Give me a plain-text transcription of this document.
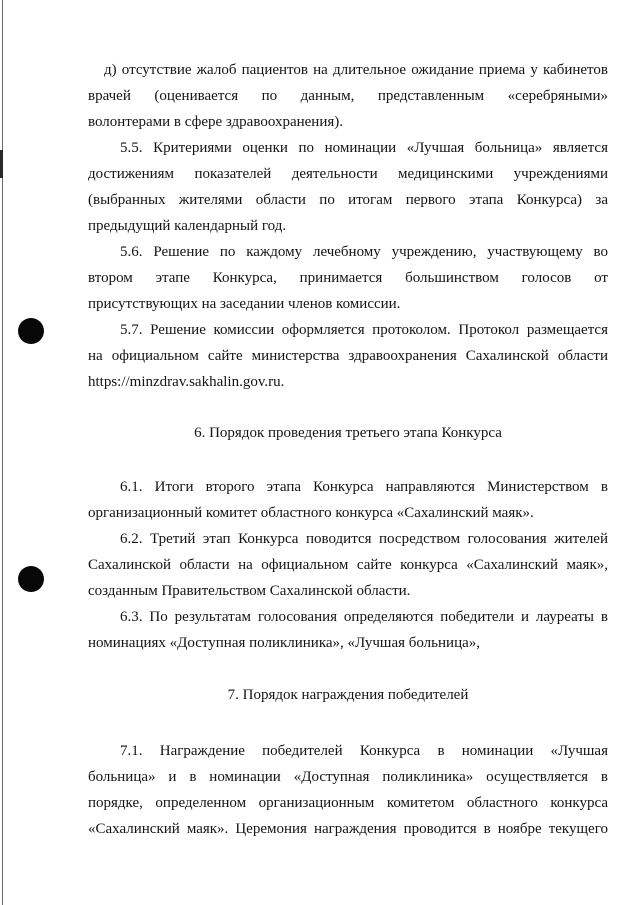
д) отсутствие жалоб пациентов на длительное ожидание приема у кабинетов
врачей (оценивается по данным, представленным «серебряными»
волонтерами в сфере здравоохранения).
5.5. Критериями оценки по номинации «Лучшая больница» является
достижениям показателей деятельности медицинскими учреждениями
(выбранных жителями области по итогам первого этапа Конкурса) за
предыдущий календарный год.
5.6. Решение по каждому лечебному учреждению, участвующему во
втором этапе Конкурса, принимается большинством голосов от
присутствующих на заседании членов комиссии.
5.7. Решение комиссии оформляется протоколом. Протокол размещается
на официальном сайте министерства здравоохранения Сахалинской области
https://minzdrav.sakhalin.gov.ru.
6. Порядок проведения третьего этапа Конкурса
6.1. Итоги второго этапа Конкурса направляются Министерством в
организационный комитет областного конкурса «Сахалинский маяк».
6.2. Третий этап Конкурса поводится посредством голосования жителей
Сахалинской области на официальном сайте конкурса «Сахалинский маяк»,
созданным Правительством Сахалинской области.
6.3. По результатам голосования определяются победители и лауреаты в
номинациях «Доступная поликлиника», «Лучшая больница»,
7. Порядок награждения победителей
7.1. Награждение победителей Конкурса в номинации «Лучшая
больница» и в номинации «Доступная поликлиника» осуществляется в
порядке, определенном организационным комитетом областного конкурса
«Сахалинский маяк». Церемония награждения проводится в ноябре текущего
